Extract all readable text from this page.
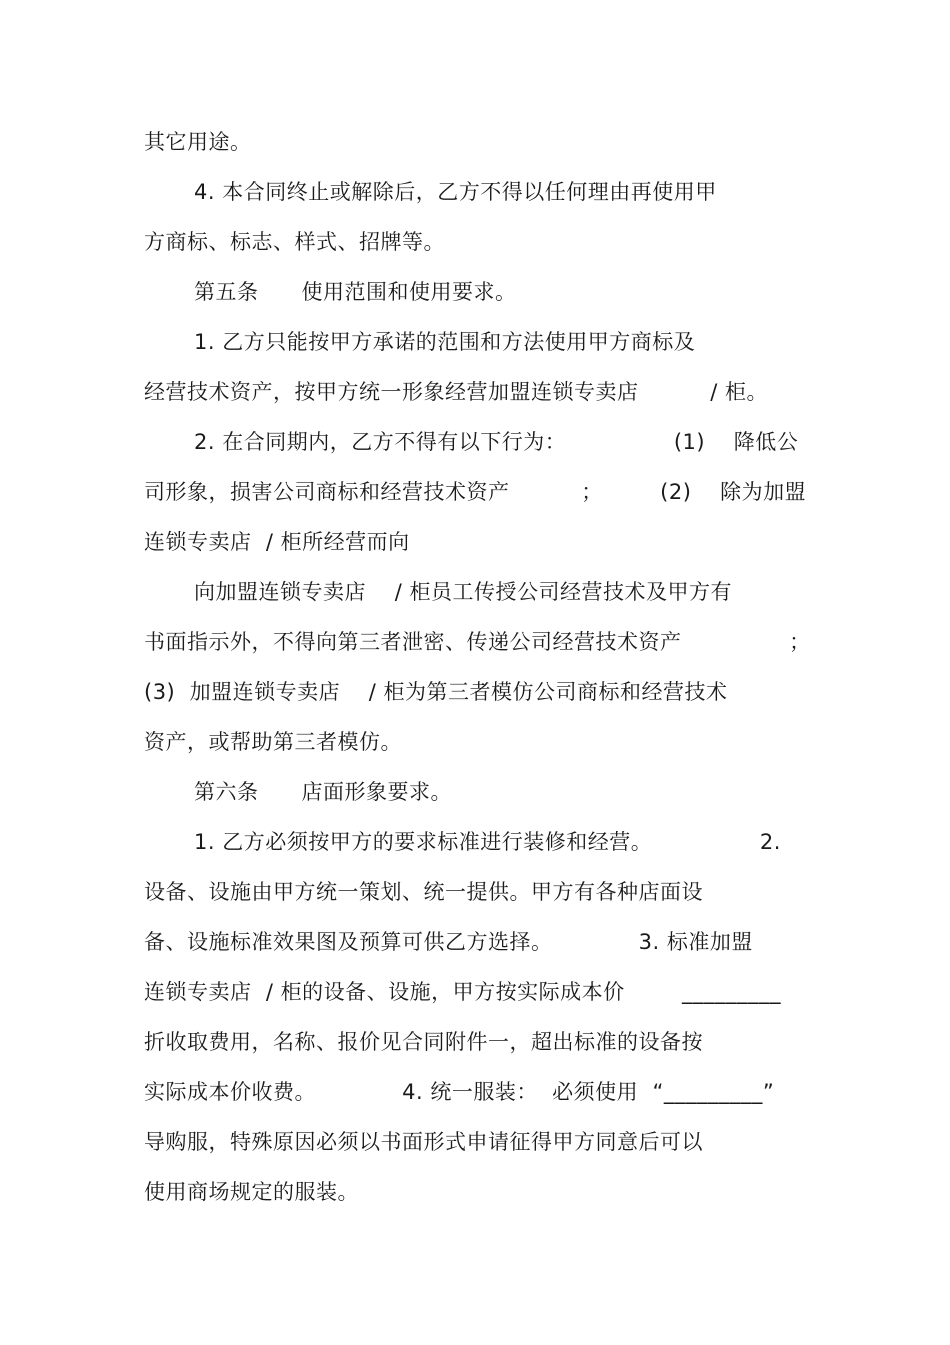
其它用途。
4. 本合同终止或解除后，乙方不得以任何理由再使用甲
方商标、标志、样式、招牌等。
第五条      使用范围和使用要求。
1. 乙方只能按甲方承诺的范围和方法使用甲方商标及
经营技术资产，按甲方统一形象经营加盟连锁专卖店          / 柜。
2. 在合同期内，乙方不得有以下行为：               (1)    降低公
司形象，损害公司商标和经营技术资产          ；        (2)    除为加盟
连锁专卖店  / 柜所经营而向
向加盟连锁专卖店    / 柜员工传授公司经营技术及甲方有
书面指示外，不得向第三者泄密、传递公司经营技术资产               ；
(3)  加盟连锁专卖店    / 柜为第三者模仿公司商标和经营技术
资产，或帮助第三者模仿。
第六条      店面形象要求。
1. 乙方必须按甲方的要求标准进行装修和经营。               2.
设备、设施由甲方统一策划、统一提供。甲方有各种店面设
备、设施标准效果图及预算可供乙方选择。            3. 标准加盟
连锁专卖店  / 柜的设备、设施，甲方按实际成本价        _________
折收取费用，名称、报价见合同附件一，超出标准的设备按
实际成本价收费。            4. 统一服装：  必须使用  “_________”
导购服，特殊原因必须以书面形式申请征得甲方同意后可以
使用商场规定的服装。
